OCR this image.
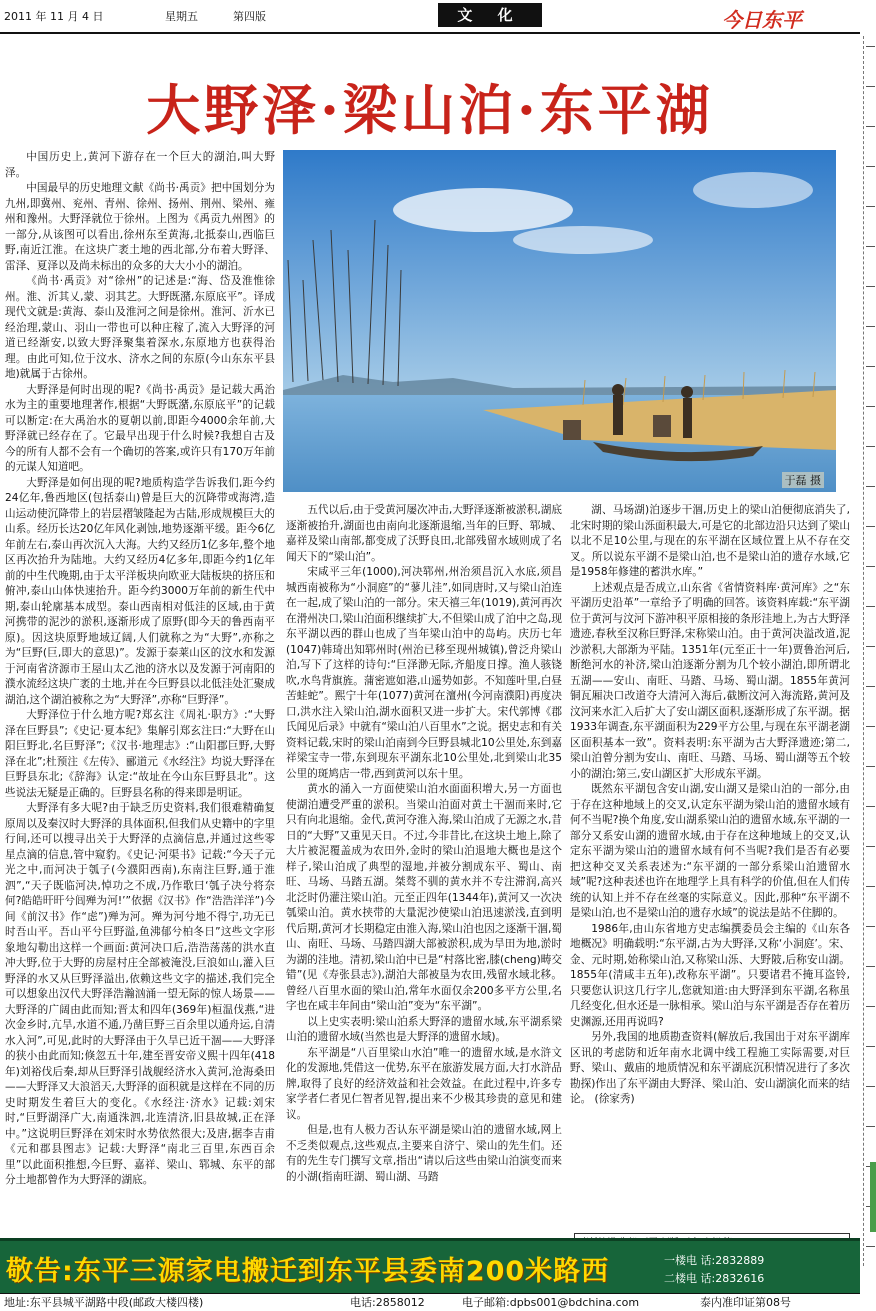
2011 年 11 月 4 日	星期五	第四版	文 化	今日东平
大野泽·梁山泊·东平湖
于磊 摄

中国历史上,黄河下游存在一个巨大的湖泊,叫大野泽。

中国最早的历史地理文献《尚书·禹贡》把中国划分为九州,即冀州、兖州、青州、徐州、扬州、荆州、梁州、雍州和豫州。大野泽就位于徐州。上图为《禹贡九州图》的一部分,从该图可以看出,徐州东至黄海,北抵泰山,西临巨野,南近江淮。在这块广袤土地的西北部,分布着大野泽、雷泽、夏泽以及尚未标出的众多的大大小小的湖泊。

《尚书·禹贡》对“徐州”的记述是:“海、岱及淮惟徐州。淮、沂其乂,蒙、羽其艺。大野既潴,东原底平”。译成现代文就是:黄海、泰山及淮河之间是徐州。淮河、沂水已经治理,蒙山、羽山一带也可以种庄稼了,流入大野泽的河道已经渐安,以致大野泽聚集着深水,东原地方也获得治理。由此可知,位于汶水、济水之间的东原(今山东东平县地)就属于古徐州。

大野泽是何时出现的呢?《尚书·禹贡》是记载大禹治水为主的重要地理著作,根据“大野既潴,东原底平”的记载可以断定:在大禹治水的夏朝以前,即距今4000余年前,大野泽就已经存在了。它最早出现于什么时候?我想自古及今的所有人都不会有一个确切的答案,或许只有170万年前的元谋人知道吧。

大野泽是如何出现的呢?地质构造学告诉我们,距今约24亿年,鲁西地区(包括泰山)曾是巨大的沉降带或海湾,造山运动使沉降带上的岩层褶皱隆起为古陆,形成规模巨大的山系。经历长达20亿年风化剥蚀,地势逐渐平缓。距今6亿年前左右,泰山再次沉入大海。大约又经历1亿多年,整个地区再次抬升为陆地。大约又经历4亿多年,即距今约1亿年前的中生代晚期,由于太平洋板块向欧亚大陆板块的挤压和俯冲,泰山山体快速抬升。距今约3000万年前的新生代中期,泰山轮廓基本成型。泰山西南相对低洼的区域,由于黄河携带的泥沙的淤积,逐渐形成了原野(即今天的鲁西南平原)。因这块原野地域辽阔,人们就称之为“大野”,亦称之为“巨野(巨,即大的意思)”。发源于泰莱山区的汶水和发源于河南省济源市王屋山太乙池的济水以及发源于河南阳的濮水流经这块广袤的土地,并在今巨野县以北低洼处汇聚成湖泊,这个湖泊被称之为“大野泽”,亦称“巨野泽”。

大野泽位于什么地方呢?郑玄注《周礼·职方》:“大野泽在巨野县”;《史记·夏本纪》集解引郑玄注曰:“大野在山阳巨野北,名巨野泽”;《汉书·地理志》:“山阳郡巨野,大野泽在北”;杜预注《左传》、郦道元《水经注》均说大野泽在巨野县东北;《辞海》认定:“故址在今山东巨野县北”。这些说法无疑是正确的。巨野县名称的得来即是明证。

大野泽有多大呢?由于缺乏历史资料,我们很难精确复原周以及秦汉时大野泽的具体面积,但我们从史籍中的字里行间,还可以搜寻出关于大野泽的点滴信息,并通过这些零星点滴的信息,管中窥豹。《史记·河渠书》记载:“今天子元光之中,而河决于瓠子(今濮阳西南),东南注巨野,通于淮泗”,“天子既临河决,悼功之不成,乃作歌曰‘瓠子决兮将奈何?皓皓旰旰兮闾殚为河!’”依据《汉书》作“浩浩洋洋”)今间《前汉书》作“虑”)殚为河。殚为河兮地不得宁,功无已时吾山平。吾山平兮巨野溢,鱼沸郁兮柏冬日”这些文字形象地勾勒出这样一个画面:黄河决口后,浩浩荡荡的洪水直冲大野,位于大野的房屋村庄全部被淹没,巨浪如山,灌入巨野泽的水又从巨野泽溢出,依赖这些文字的描述,我们完全可以想象出汉代大野泽浩瀚汹涌一望无际的惊人场景——大野泽的广阔由此而知;晋太和四年(369年)桓温伐燕,“进次金乡时,亢旱,水道不通,乃凿巨野三百余里以通舟运,自清水入河”,可见,此时的大野泽由于久旱已近干涸——大野泽的狭小由此而知;倏忽五十年,建至晋安帝义熙十四年(418年)刘裕伐后秦,却从巨野泽引战舰经济水入黄河,沧海桑田——大野泽又大浪滔天,大野泽的面积就是这样在不同的历史时期发生着巨大的变化。《水经注·济水》记载:刘宋时,“巨野湖泽广大,南通洙泗,北连清济,旧县故城,正在泽中。”这说明巨野泽在刘宋时水势依然很大;及唐,据李吉甫《元和郡县图志》记载:大野泽“南北三百里,东西百余里”以此面积推想,今巨野、嘉祥、梁山、郓城、东平的部分土地都曾作为大野泽的湖底。

五代以后,由于受黄河屡次冲击,大野泽逐渐被淤积,湖底逐渐被抬升,湖面也由南向北逐渐退缩,当年的巨野、郓城、嘉祥及梁山南部,都变成了沃野良田,北部残留水域则成了名闻天下的“梁山泊”。

宋咸平三年(1000),河决郓州,州治须昌沉入水底,须昌城西南被称为“小洞庭”的“蓼儿洼”,如同唐时,又与梁山泊连在一起,成了梁山泊的一部分。宋天禧三年(1019),黄河再次在滑州决口,梁山泊面积继续扩大,不但梁山成了泊中之岛,现东平湖以西的群山也成了当年梁山泊中的岛屿。庆历七年(1047)韩琦出知郓州时(州治已移至现州城镇),曾泛舟梁山泊,写下了这样的诗句:“巨泽渺无际,齐船度日撑。渔人骇铙吹,水鸟背旗旌。蒲密遮如港,山遥势如彭。不知莲叶里,白昼苦蛙蛇”。熙宁十年(1077)黄河在澶州(今河南濮阳)再度决口,洪水注入梁山泊,湖水面积又进一步扩大。宋代郭博《郡氏闻见后录》中就有“梁山泊八百里水”之说。据史志和有关资料记载,宋时的梁山泊南到今巨野县城北10公里处,东到嘉祥梁宝寺一带,东到现东平湖东北10公里处,北到梁山北35公里的斑鸠店一带,西到黄河以东十里。

黄水的涌入一方面使梁山泊水面面积增大,另一方面也使湖泊遭受严重的淤积。当梁山泊面对黄土干涸而来时,它只有向北退缩。金代,黄河夺淮入海,梁山泊成了无源之水,昔日的“大野”又重见天日。不过,今非昔比,在这块土地上,除了大片被泥覆盖成为农田外,金时的梁山泊退地大概也是这个样子,梁山泊成了典型的湿地,并被分割成东平、蜀山、南旺、马场、马踏五湖。桀骜不驯的黄水并不专注滞润,高兴北泛时仍灌注梁山泊。元至正四年(1344年),黄河又一次决瓠梁山泊。黄水挟带的大量泥沙使梁山泊迅速淤浅,直到明代后期,黄河才长期稳定由淮入海,梁山泊也因之逐渐干涸,蜀山、南旺、马场、马踏四湖大部被淤积,成为旱田为地,淤时为湖的洼地。清初,梁山泊中已是“村落比密,膝(cheng)畴交错”(见《寿张县志》),湖泊大部被垦为农田,残留水域北移。曾经八百里水面的梁山泊,常年水面仅余200多平方公里,名字也在咸丰年间由“梁山泊”变为“东平湖”。

以上史实表明:梁山泊系大野泽的遗留水域,东平湖系梁山泊的遗留水域(当然也是大野泽的遗留水域)。

东平湖是“八百里梁山水泊”唯一的遗留水域,是水浒文化的发源地,凭借这一优势,东平在旅游发展方面,大打水浒品牌,取得了良好的经济效益和社会效益。在此过程中,许多专家学者仁者见仁智者见智,提出来不少极其珍贵的意见和建议。

但是,也有人极力否认东平湖是梁山泊的遗留水域,网上不乏类似观点,这些观点,主要来自济宁、梁山的先生们。还有的先生专门撰写文章,指出“请以后这些由梁山泊演变而来的小湖(指南旺湖、蜀山湖、马踏

湖、马场湖)泊逐步干涸,历史上的梁山泊便彻底消失了,北宋时期的梁山泺面积最大,可是它的北部边沿只达到了梁山以北不足10公里,与现在的东平湖在区域位置上从不存在交叉。所以说东平湖不是梁山泊,也不是梁山泊的遗存水域,它是1958年修建的蓄洪水库。”

上述观点是否成立,山东省《省情资料库·黄河库》之“东平湖历史沿革”一章给予了明确的回答。该资料库载:“东平湖位于黄河与汶河下游冲积平原相接的条形洼地上,为古大野泽遗迹,春秋至汉称巨野泽,宋称梁山泊。由于黄河决溢改道,泥沙淤积,大部渐为平陆。1351年(元至正十一年)贾鲁治河后,断绝河水的补济,梁山泊逐渐分割为几个较小湖泊,即所谓北五湖——安山、南旺、马踏、马场、蜀山湖。1855年黄河铜瓦厢决口改道夺大清河入海后,截断汶河入海流路,黄河及汶河来水汇入后扩大了安山湖区面积,逐渐形成了东平湖。据1933年调查,东平湖面积为229平方公里,与现在东平湖老湖区面积基本一致”。资料表明:东平湖为古大野泽遗迹;第二,梁山泊曾分割为安山、南旺、马踏、马场、蜀山湖等五个较小的湖泊;第三,安山湖区扩大形成东平湖。

既然东平湖包含安山湖,安山湖又是梁山泊的一部分,由于存在这种地域上的交叉,认定东平湖为梁山泊的遗留水域有何不当呢?换个角度,安山湖系梁山泊的遗留水域,东平湖的一部分又系安山湖的遗留水域,由于存在这种地域上的交叉,认定东平湖为梁山泊的遗留水域有何不当呢?我们是否有必要把这种交叉关系表述为:“东平湖的一部分系梁山泊遗留水域”呢?这种表述也许在地理学上具有科学的价值,但在人们传统的认知上并不存在丝毫的实际意义。因此,那种“东平湖不是梁山泊,也不是梁山泊的遗存水域”的说法是站不住脚的。

1986年,由山东省地方史志编撰委员会主编的《山东各地概况》明确载明:“东平湖,古为大野泽,又称‘小洞庭’。宋、金、元时期,始称梁山泊,又称梁山泺、大野陂,后称安山湖。1855年(清咸丰五年),改称东平湖”。只要诸君不掩耳盗铃,只要您认识这几行字儿,您就知道:由大野泽到东平湖,名称虽几经变化,但水还是一脉相承。梁山泊与东平湖是否存在着历史渊源,还用再说吗?

另外,我国的地质勘查资料(解放后,我国出于对东平湖库区讯的考虑防和近年南水北调中线工程施工实际需要,对巨野、梁山、戴庙的地质情况和东平湖底沉积情况进行了多次勘探)作出了东平湖由大野泽、梁山泊、安山湖演化而来的结论。 (徐家秀)

敬告:东平三源家电搬迁到东平县委南200米路西	一楼电 话:2832889
二楼电 话:2832616
地址:东平县城平湖路中段(邮政大楼四楼)	电话:2858012	电子邮箱:dpbs001@bdchina.com	泰内准印证第08号
